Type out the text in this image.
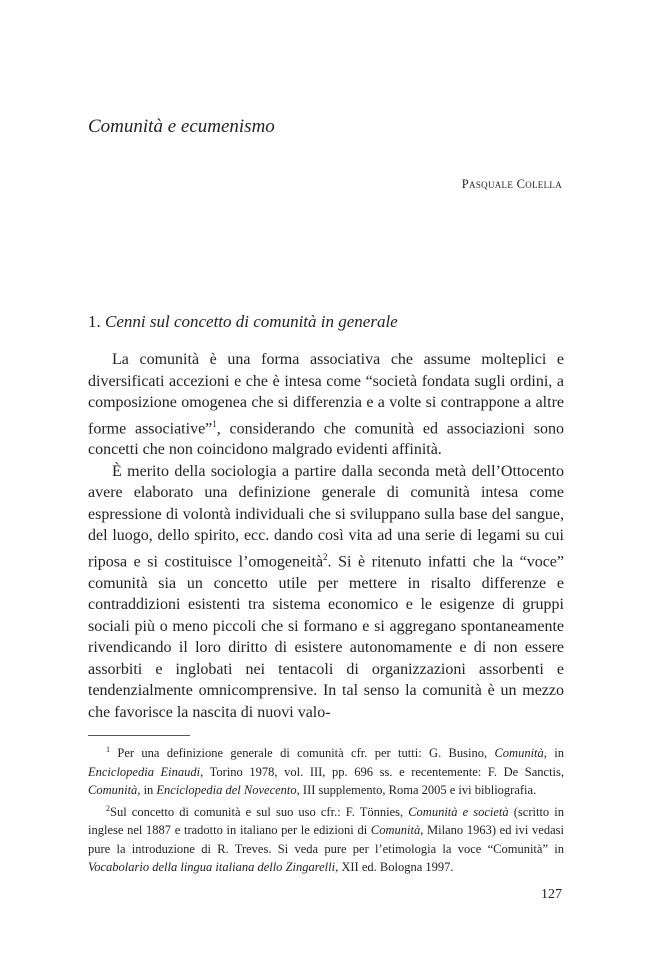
Comunità e ecumenismo
Pasquale Colella
1. Cenni sul concetto di comunità in generale

La comunità è una forma associativa che assume molteplici e diversificati accezioni e che è intesa come “società fondata sugli ordini, a composizione omogenea che si differenzia e a volte si contrappone a altre forme associative”$^1$, considerando che comunità ed associazioni sono concetti che non coincidono malgrado evidenti affinità.

È merito della sociologia a partire dalla seconda metà dell’Ottocento avere elaborato una definizione generale di comunità intesa come espressione di volontà individuali che si sviluppano sulla base del sangue, del luogo, dello spirito, ecc. dando così vita ad una serie di legami su cui riposa e si costituisce l’omogeneità$^2$. Si è ritenuto infatti che la “voce” comunità sia un concetto utile per mettere in risalto differenze e contraddizioni esistenti tra sistema economico e le esigenze di gruppi sociali più o meno piccoli che si formano e si aggregano spontaneamente rivendicando il loro diritto di esistere autonomamente e di non essere assorbiti e inglobati nei tentacoli di organizzazioni assorbenti e tendenzialmente omnicomprensive. In tal senso la comunità è un mezzo che favorisce la nascita di nuovi valo-

$^1$ Per una definizione generale di comunità cfr. per tutti: G. Busino, Comunità, in Enciclopedia Einaudi, Torino 1978, vol. III, pp. 696 ss. e recentemente: F. De Sanctis, Comunità, in Enciclopedia del Novecento, III supplemento, Roma 2005 e ivi bibliografia.

$^2$Sul concetto di comunità e sul suo uso cfr.: F. Tönnies, Comunità e società (scritto in inglese nel 1887 e tradotto in italiano per le edizioni di Comunità, Milano 1963) ed ivi vedasi pure la introduzione di R. Treves. Si veda pure per l’etimologia la voce “Comunità” in Vocabolario della lingua italiana dello Zingarelli, XII ed. Bologna 1997.

127
